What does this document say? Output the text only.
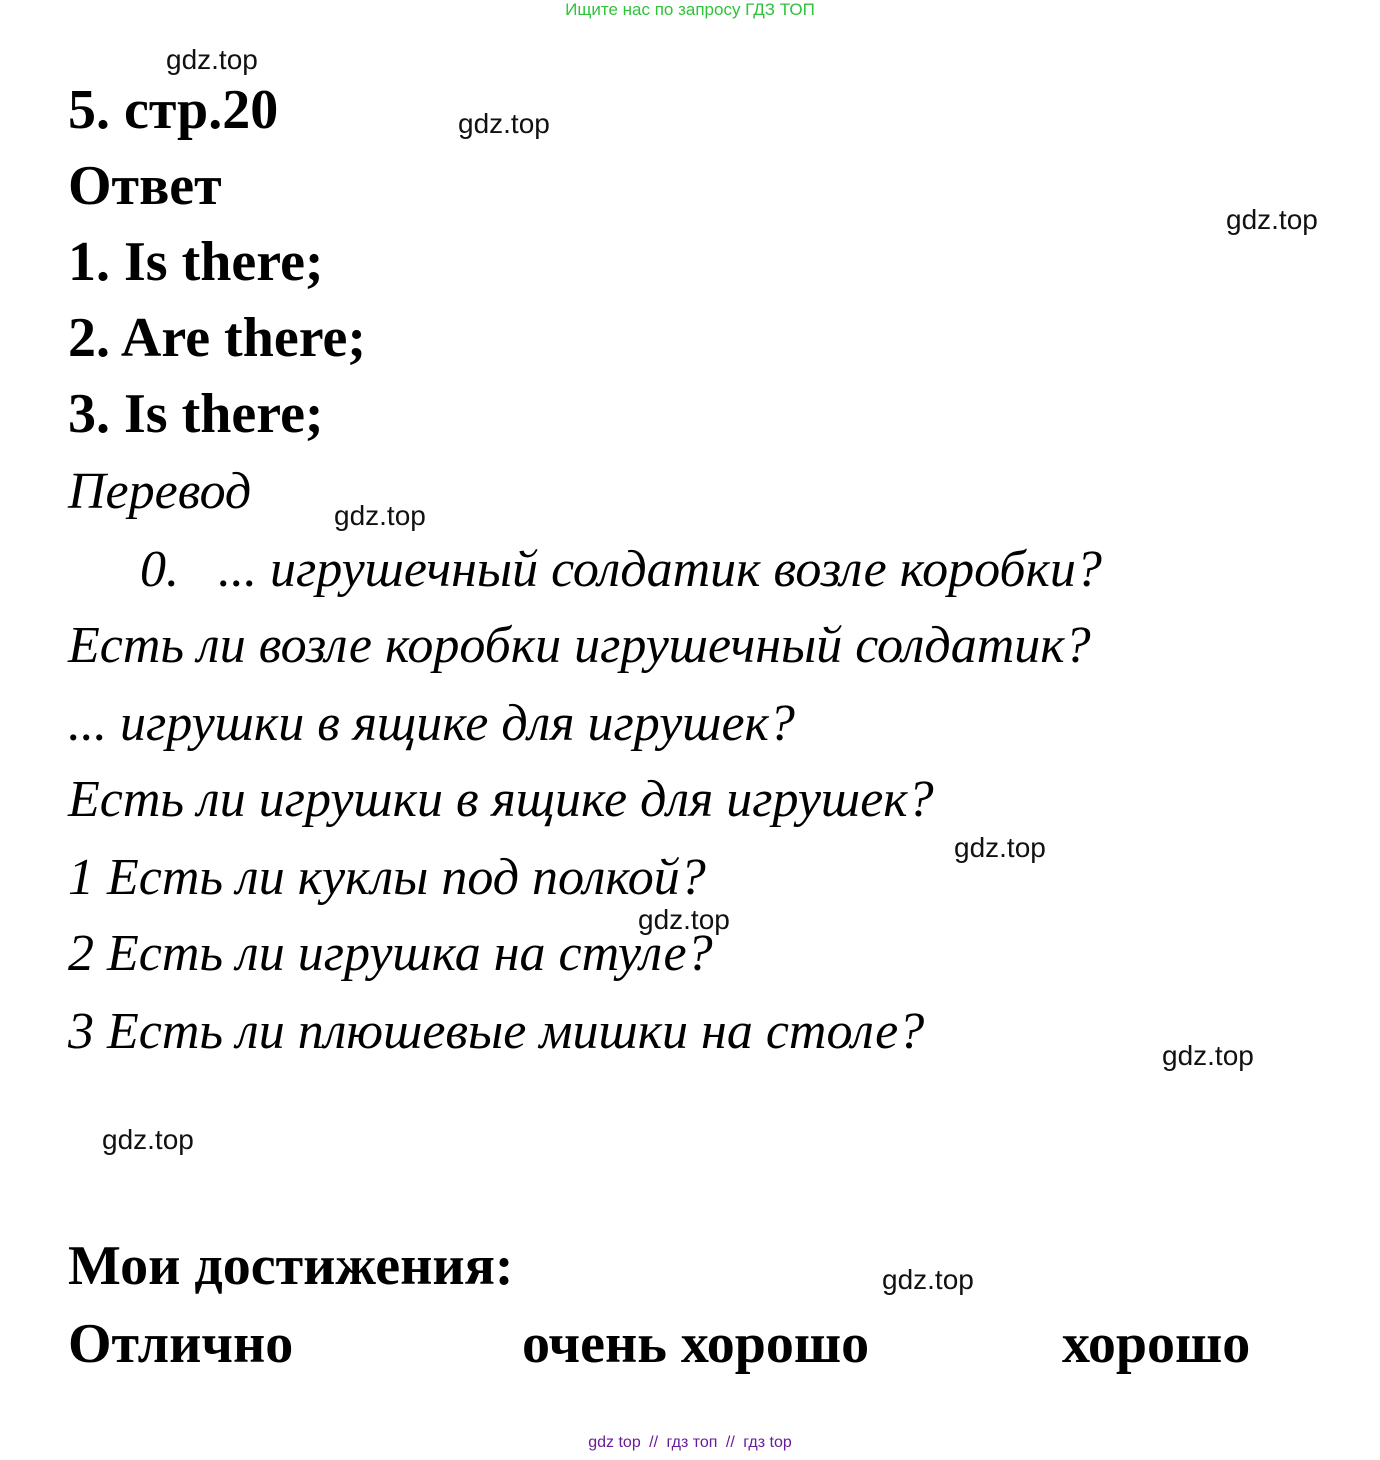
Ищите нас по запросу ГДЗ ТОП
gdz.top
gdz.top
gdz.top
gdz.top
gdz.top
gdz.top
gdz.top
gdz.top
gdz.top
5. стр.20
Ответ
1. Is there;
2. Are there;
3. Is there;
Перевод
0.   ... игрушечный солдатик возле коробки?
Есть ли возле коробки игрушечный солдатик?
... игрушки в ящике для игрушек?
Есть ли игрушки в ящике для игрушек?
1 Есть ли куклы под полкой?
2 Есть ли игрушка на стуле?
3 Есть ли плюшевые мишки на столе?
Мои достижения:
Отлично	очень хорошо	хорошо
gdz top // гдз топ // гдз top
